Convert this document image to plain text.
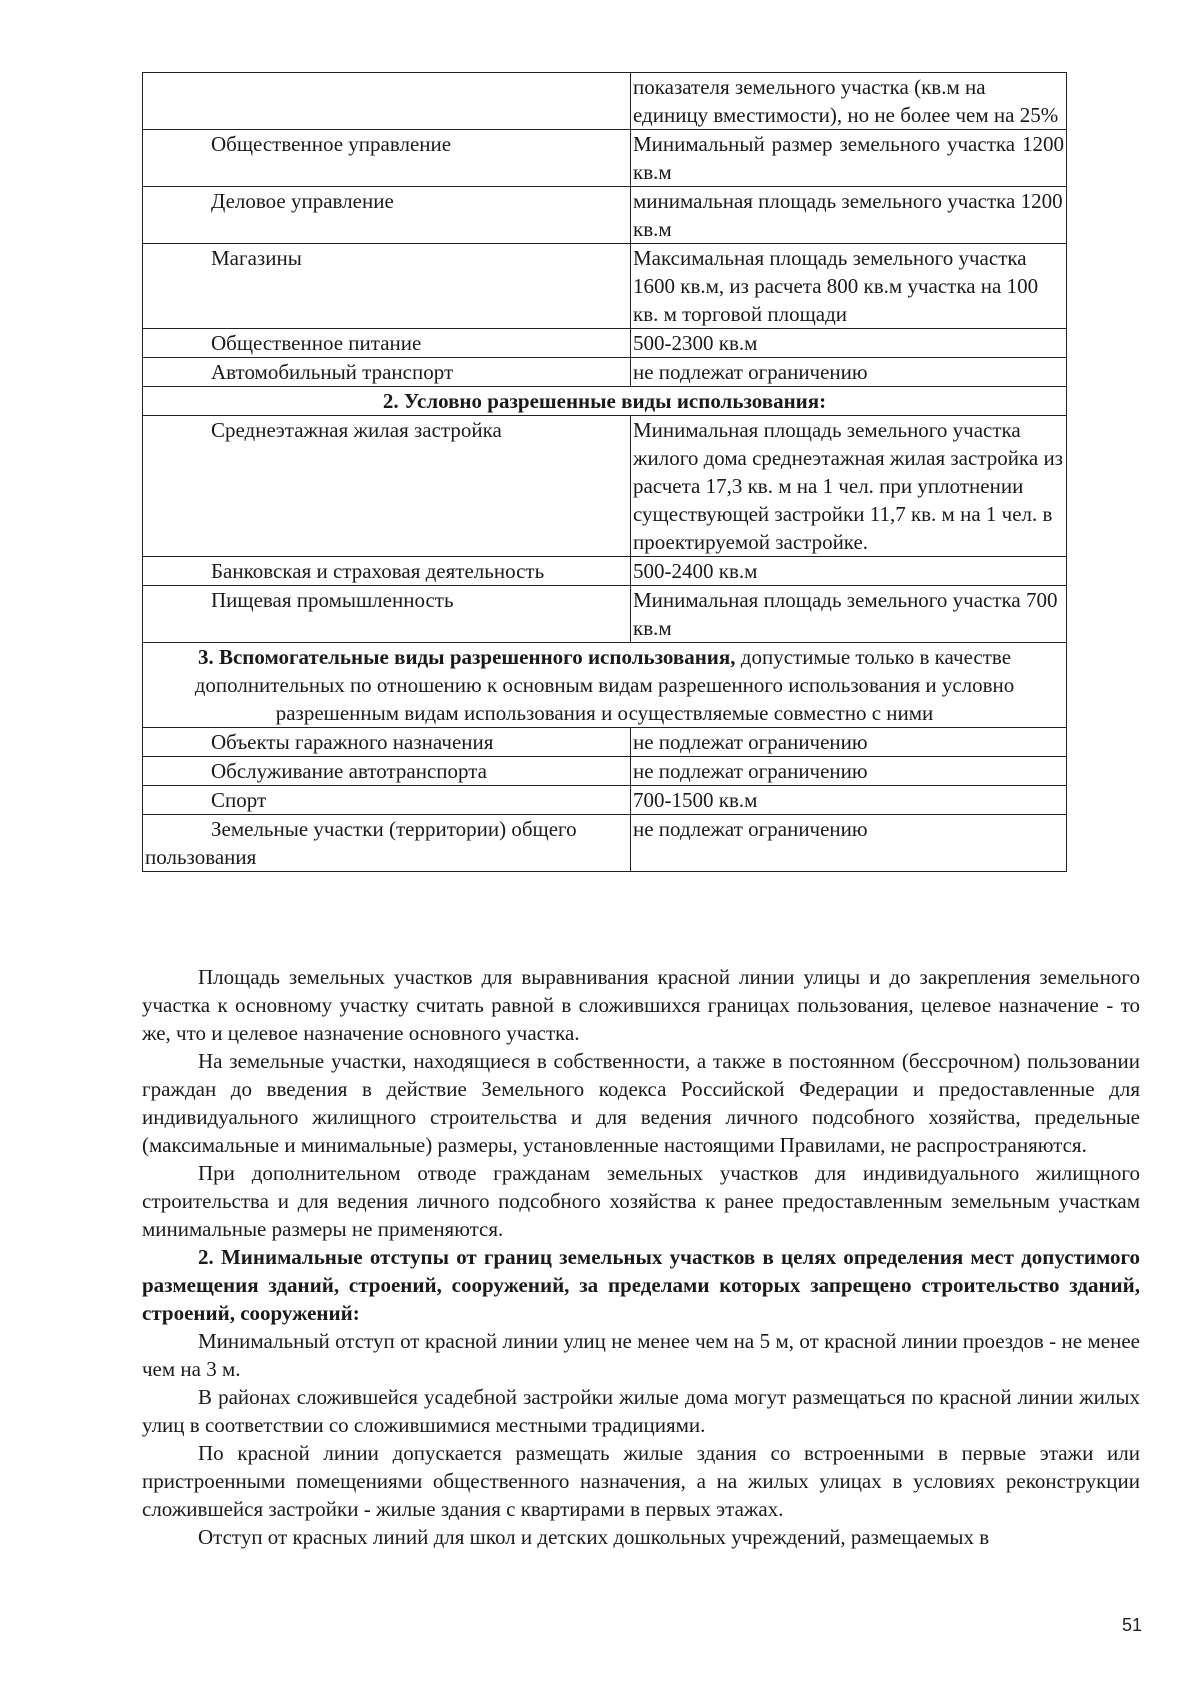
	показателя земельного участка (кв.м на единицу вместимости), но не более чем на 25%
Общественное управление	Минимальный размер земельного участка 1200 кв.м
Деловое управление	минимальная площадь земельного участка 1200 кв.м
Магазины	Максимальная площадь земельного участка 1600 кв.м, из расчета 800 кв.м участка на 100 кв. м торговой площади
Общественное питание	500-2300 кв.м
Автомобильный транспорт	не подлежат ограничению
2. Условно разрешенные виды использования:	
Среднеэтажная жилая застройка	Минимальная площадь земельного участка жилого дома среднеэтажная жилая застройка из расчета 17,3 кв. м на 1 чел. при уплотнении существующей застройки 11,7 кв. м на 1 чел. в проектируемой застройке.
Банковская и страховая деятельность	500-2400 кв.м
Пищевая промышленность	Минимальная площадь земельного участка 700 кв.м
3. Вспомогательные виды разрешенного использования, допустимые только в качестве дополнительных по отношению к основным видам разрешенного использования и условно разрешенным видам использования и осуществляемые совместно с ними	
Объекты гаражного назначения	не подлежат ограничению
Обслуживание автотранспорта	не подлежат ограничению
Спорт	700-1500 кв.м
Земельные участки (территории) общего пользования	не подлежат ограничению

Площадь земельных участков для выравнивания красной линии улицы и до закрепления земельного участка к основному участку считать равной в сложившихся границах пользования, целевое назначение - то же, что и целевое назначение основного участка.

На земельные участки, находящиеся в собственности, а также в постоянном (бессрочном) пользовании граждан до введения в действие Земельного кодекса Российской Федерации и предоставленные для индивидуального жилищного строительства и для ведения личного подсобного хозяйства, предельные (максимальные и минимальные) размеры, установленные настоящими Правилами, не распространяются.

При дополнительном отводе гражданам земельных участков для индивидуального жилищного строительства и для ведения личного подсобного хозяйства к ранее предоставленным земельным участкам минимальные размеры не применяются.

2. Минимальные отступы от границ земельных участков в целях определения мест допустимого размещения зданий, строений, сооружений, за пределами которых запрещено строительство зданий, строений, сооружений:

Минимальный отступ от красной линии улиц не менее чем на 5 м, от красной линии проездов - не менее чем на 3 м.

В районах сложившейся усадебной застройки жилые дома могут размещаться по красной линии жилых улиц в соответствии со сложившимися местными традициями.

По красной линии допускается размещать жилые здания со встроенными в первые этажи или пристроенными помещениями общественного назначения, а на жилых улицах в условиях реконструкции сложившейся застройки - жилые здания с квартирами в первых этажах.

Отступ от красных линий для школ и детских дошкольных учреждений, размещаемых в

51
